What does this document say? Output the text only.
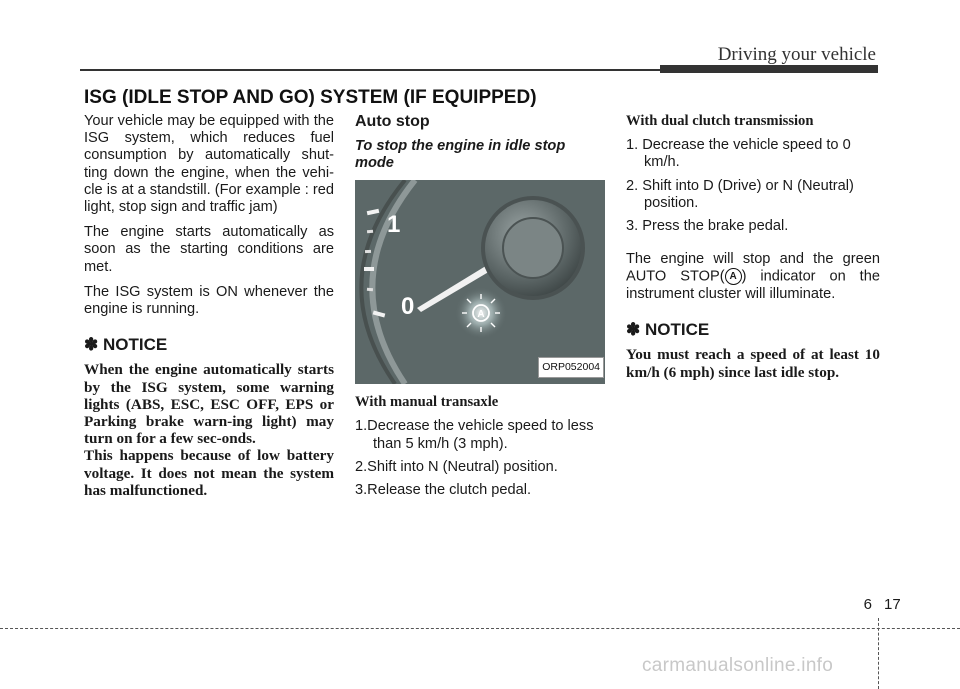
Driving your vehicle
ISG (IDLE STOP AND GO) SYSTEM (IF EQUIPPED)

Your vehicle may be equipped with the ISG system, which reduces fuel consumption by automatically shut-ting down the engine, when the vehi-cle is at a standstill. (For example : red light, stop sign and traffic jam)

The engine starts automatically as soon as the starting conditions are met.

The ISG system is ON whenever the engine is running.

✽ NOTICE

When the engine automatically starts by the ISG system, some warning lights (ABS, ESC, ESC OFF, EPS or Parking brake warn-ing light) may turn on for a few sec-onds.

This happens because of low battery voltage. It does not mean the system has malfunctioned.

Auto stop
To stop the engine in idle stop mode
1
0	A
ORP052004
With manual transaxle
1.Decrease the vehicle speed to less than 5 km/h (3 mph).
2.Shift into N (Neutral) position.
3.Release the clutch pedal.
With dual clutch transmission
1. Decrease the vehicle speed to 0 km/h.
2. Shift into D (Drive) or N (Neutral) position.
3. Press the brake pedal.

The engine will stop and the green AUTO STOP( A ) indicator on the instrument cluster will illuminate.

✽ NOTICE

You must reach a speed of at least 10 km/h (6 mph) since last idle stop.

6 17
carmanualsonline.info
